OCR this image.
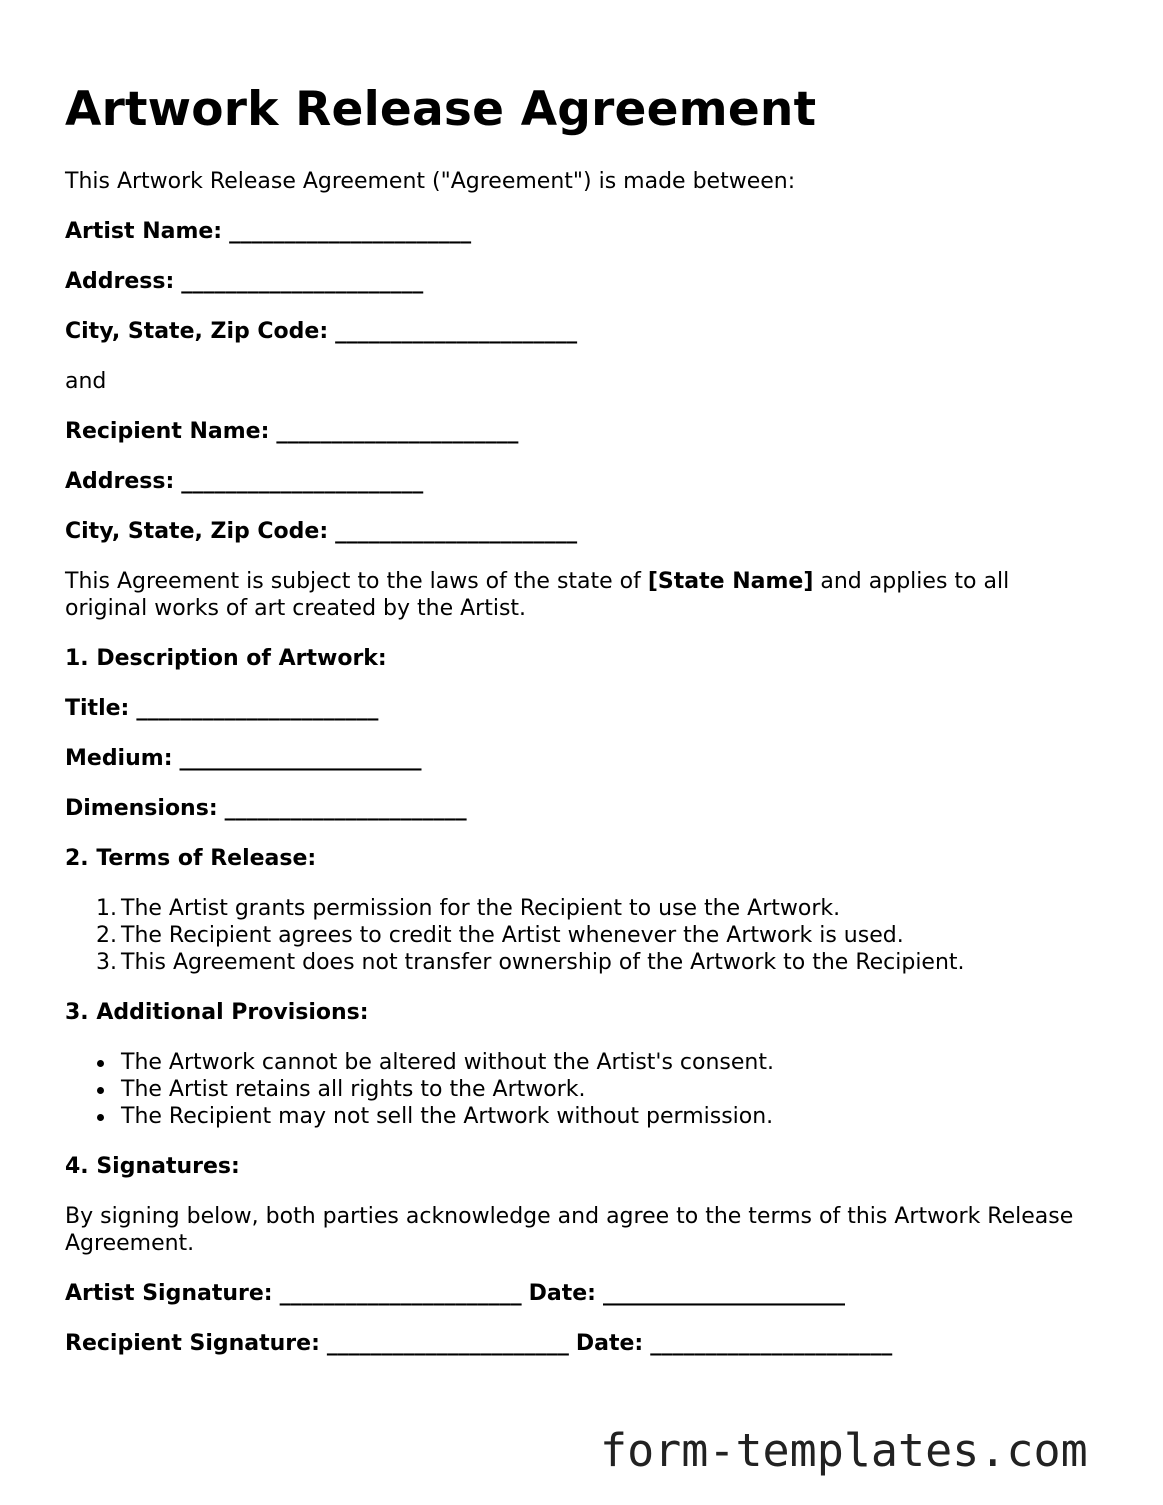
Artwork Release Agreement
This Artwork Release Agreement ("Agreement") is made between:
Artist Name: ______________________
Address: ______________________
City, State, Zip Code: ______________________
and
Recipient Name: ______________________
Address: ______________________
City, State, Zip Code: ______________________
This Agreement is subject to the laws of the state of [State Name] and applies to all original works of art created by the Artist.
1. Description of Artwork:
Title: ______________________
Medium: ______________________
Dimensions: ______________________
2. Terms of Release:
1. The Artist grants permission for the Recipient to use the Artwork.
2. The Recipient agrees to credit the Artist whenever the Artwork is used.
3. This Agreement does not transfer ownership of the Artwork to the Recipient.
3. Additional Provisions:
The Artwork cannot be altered without the Artist's consent.
The Artist retains all rights to the Artwork.
The Recipient may not sell the Artwork without permission.
4. Signatures:
By signing below, both parties acknowledge and agree to the terms of this Artwork Release Agreement.
Artist Signature: ______________________ Date: ______________________
Recipient Signature: ______________________ Date: ______________________
form-templates.com
